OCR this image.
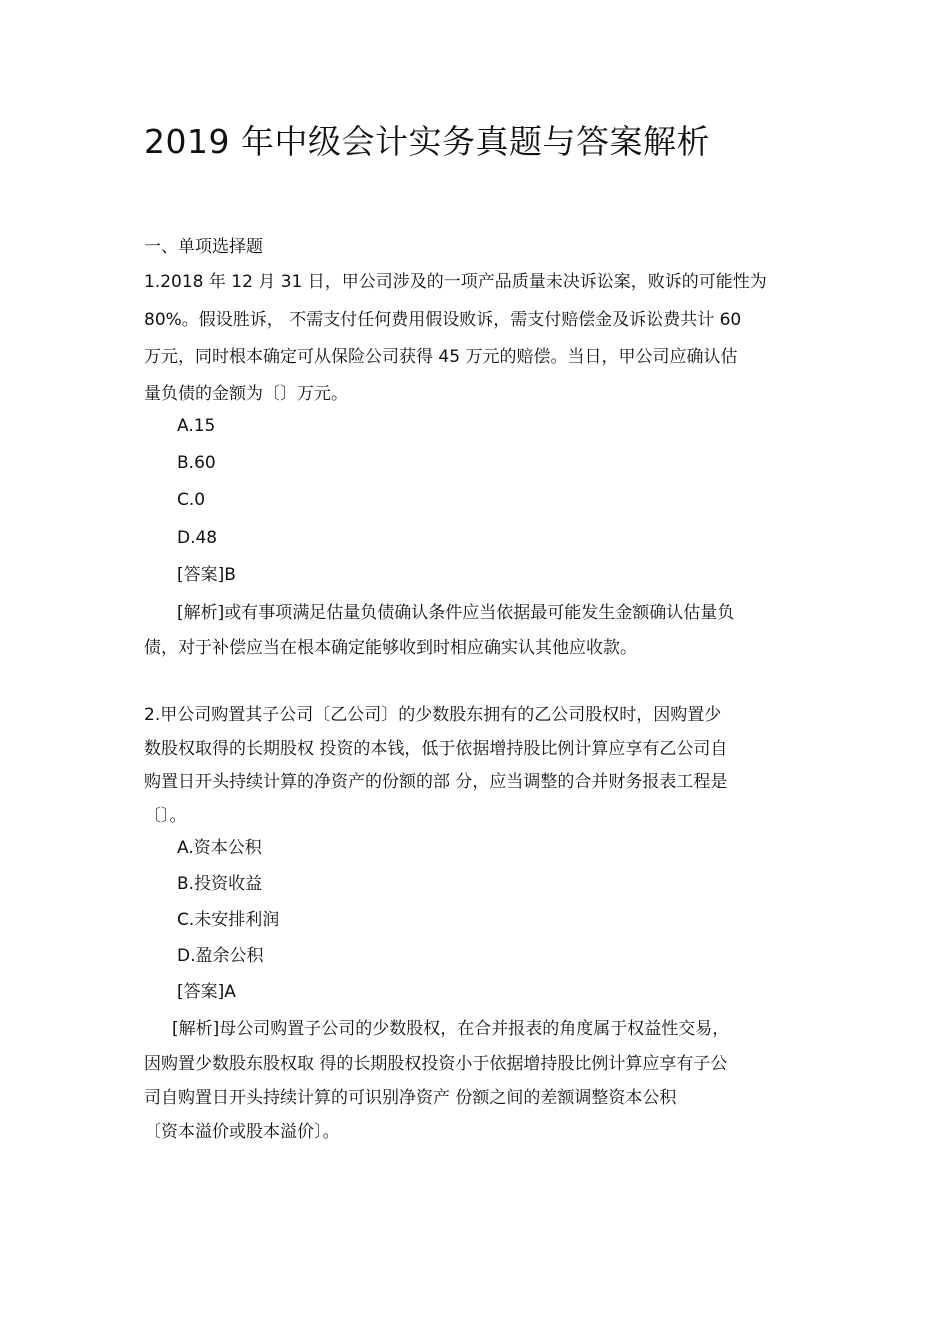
2019 年中级会计实务真题与答案解析

一、单项选择题

1.2018 年 12 月 31 日，甲公司涉及的一项产品质量未决诉讼案，败诉的可能性为

80%。假设胜诉， 不需支付任何费用假设败诉，需支付赔偿金及诉讼费共计 60

万元，同时根本确定可从保险公司获得 45 万元的赔偿。当日，甲公司应确认估

量负债的金额为〔〕万元。

A.15

B.60

C.0

D.48

[答案]B

[解析]或有事项满足估量负债确认条件应当依据最可能发生金额确认估量负

债，对于补偿应当在根本确定能够收到时相应确实认其他应收款。

2.甲公司购置其子公司〔乙公司〕的少数股东拥有的乙公司股权时，因购置少

数股权取得的长期股权 投资的本钱，低于依据增持股比例计算应享有乙公司自

购置日开头持续计算的净资产的份额的部 分，应当调整的合并财务报表工程是

〔〕。

A.资本公积

B.投资收益

C.未安排利润

D.盈余公积

[答案]A

[解析]母公司购置子公司的少数股权，在合并报表的角度属于权益性交易，

因购置少数股东股权取 得的长期股权投资小于依据增持股比例计算应享有子公

司自购置日开头持续计算的可识别净资产 份额之间的差额调整资本公积

〔资本溢价或股本溢价〕。
